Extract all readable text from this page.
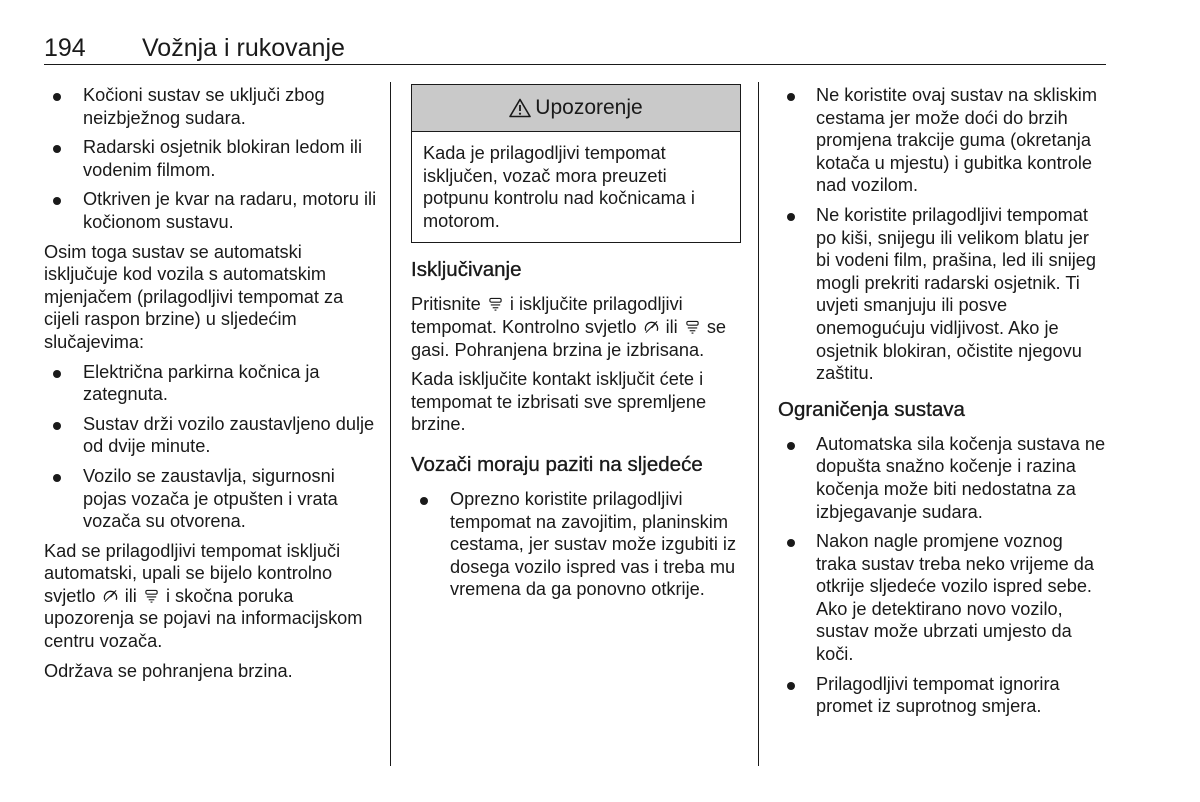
194 Vožnja i rukovanje
Kočioni sustav se uključi zbog neizbježnog sudara.
Radarski osjetnik blokiran ledom ili vodenim filmom.
Otkriven je kvar na radaru, motoru ili kočionom sustavu.

Osim toga sustav se automatski isključuje kod vozila s automatskim mjenjačem (prilagodljivi tempomat za cijeli raspon brzine) u sljedećim slučajevima:

Električna parkirna kočnica ja zategnuta.
Sustav drži vozilo zaustavljeno dulje od dvije minute.
Vozilo se zaustavlja, sigurnosni pojas vozača je otpušten i vrata vozača su otvorena.

Kad se prilagodljivi tempomat isključi automatski, upali se bijelo kontrolno svjetlo ili i skočna poruka upozorenja se pojavi na informacijskom centru vozača.

Održava se pohranjena brzina.

Upozorenje
Kada je prilagodljivi tempomat isključen, vozač mora preuzeti potpunu kontrolu nad kočnicama i motorom.
Isključivanje

Pritisnite i isključite prilagodljivi tempomat. Kontrolno svjetlo ili se gasi. Pohranjena brzina je izbrisana.

Kada isključite kontakt isključit ćete i tempomat te izbrisati sve spremljene brzine.

Vozači moraju paziti na sljedeće
Oprezno koristite prilagodljivi tempomat na zavojitim, planinskim cestama, jer sustav može izgubiti iz dosega vozilo ispred vas i treba mu vremena da ga ponovno otkrije.
Ne koristite ovaj sustav na skliskim cestama jer može doći do brzih promjena trakcije guma (okretanja kotača u mjestu) i gubitka kontrole nad vozilom.
Ne koristite prilagodljivi tempomat po kiši, snijegu ili velikom blatu jer bi vodeni film, prašina, led ili snijeg mogli prekriti radarski osjetnik. Ti uvjeti smanjuju ili posve onemogućuju vidljivost. Ako je osjetnik blokiran, očistite njegovu zaštitu.
Ograničenja sustava
Automatska sila kočenja sustava ne dopušta snažno kočenje i razina kočenja može biti nedostatna za izbjegavanje sudara.
Nakon nagle promjene voznog traka sustav treba neko vrijeme da otkrije sljedeće vozilo ispred sebe. Ako je detektirano novo vozilo, sustav može ubrzati umjesto da koči.
Prilagodljivi tempomat ignorira promet iz suprotnog smjera.
